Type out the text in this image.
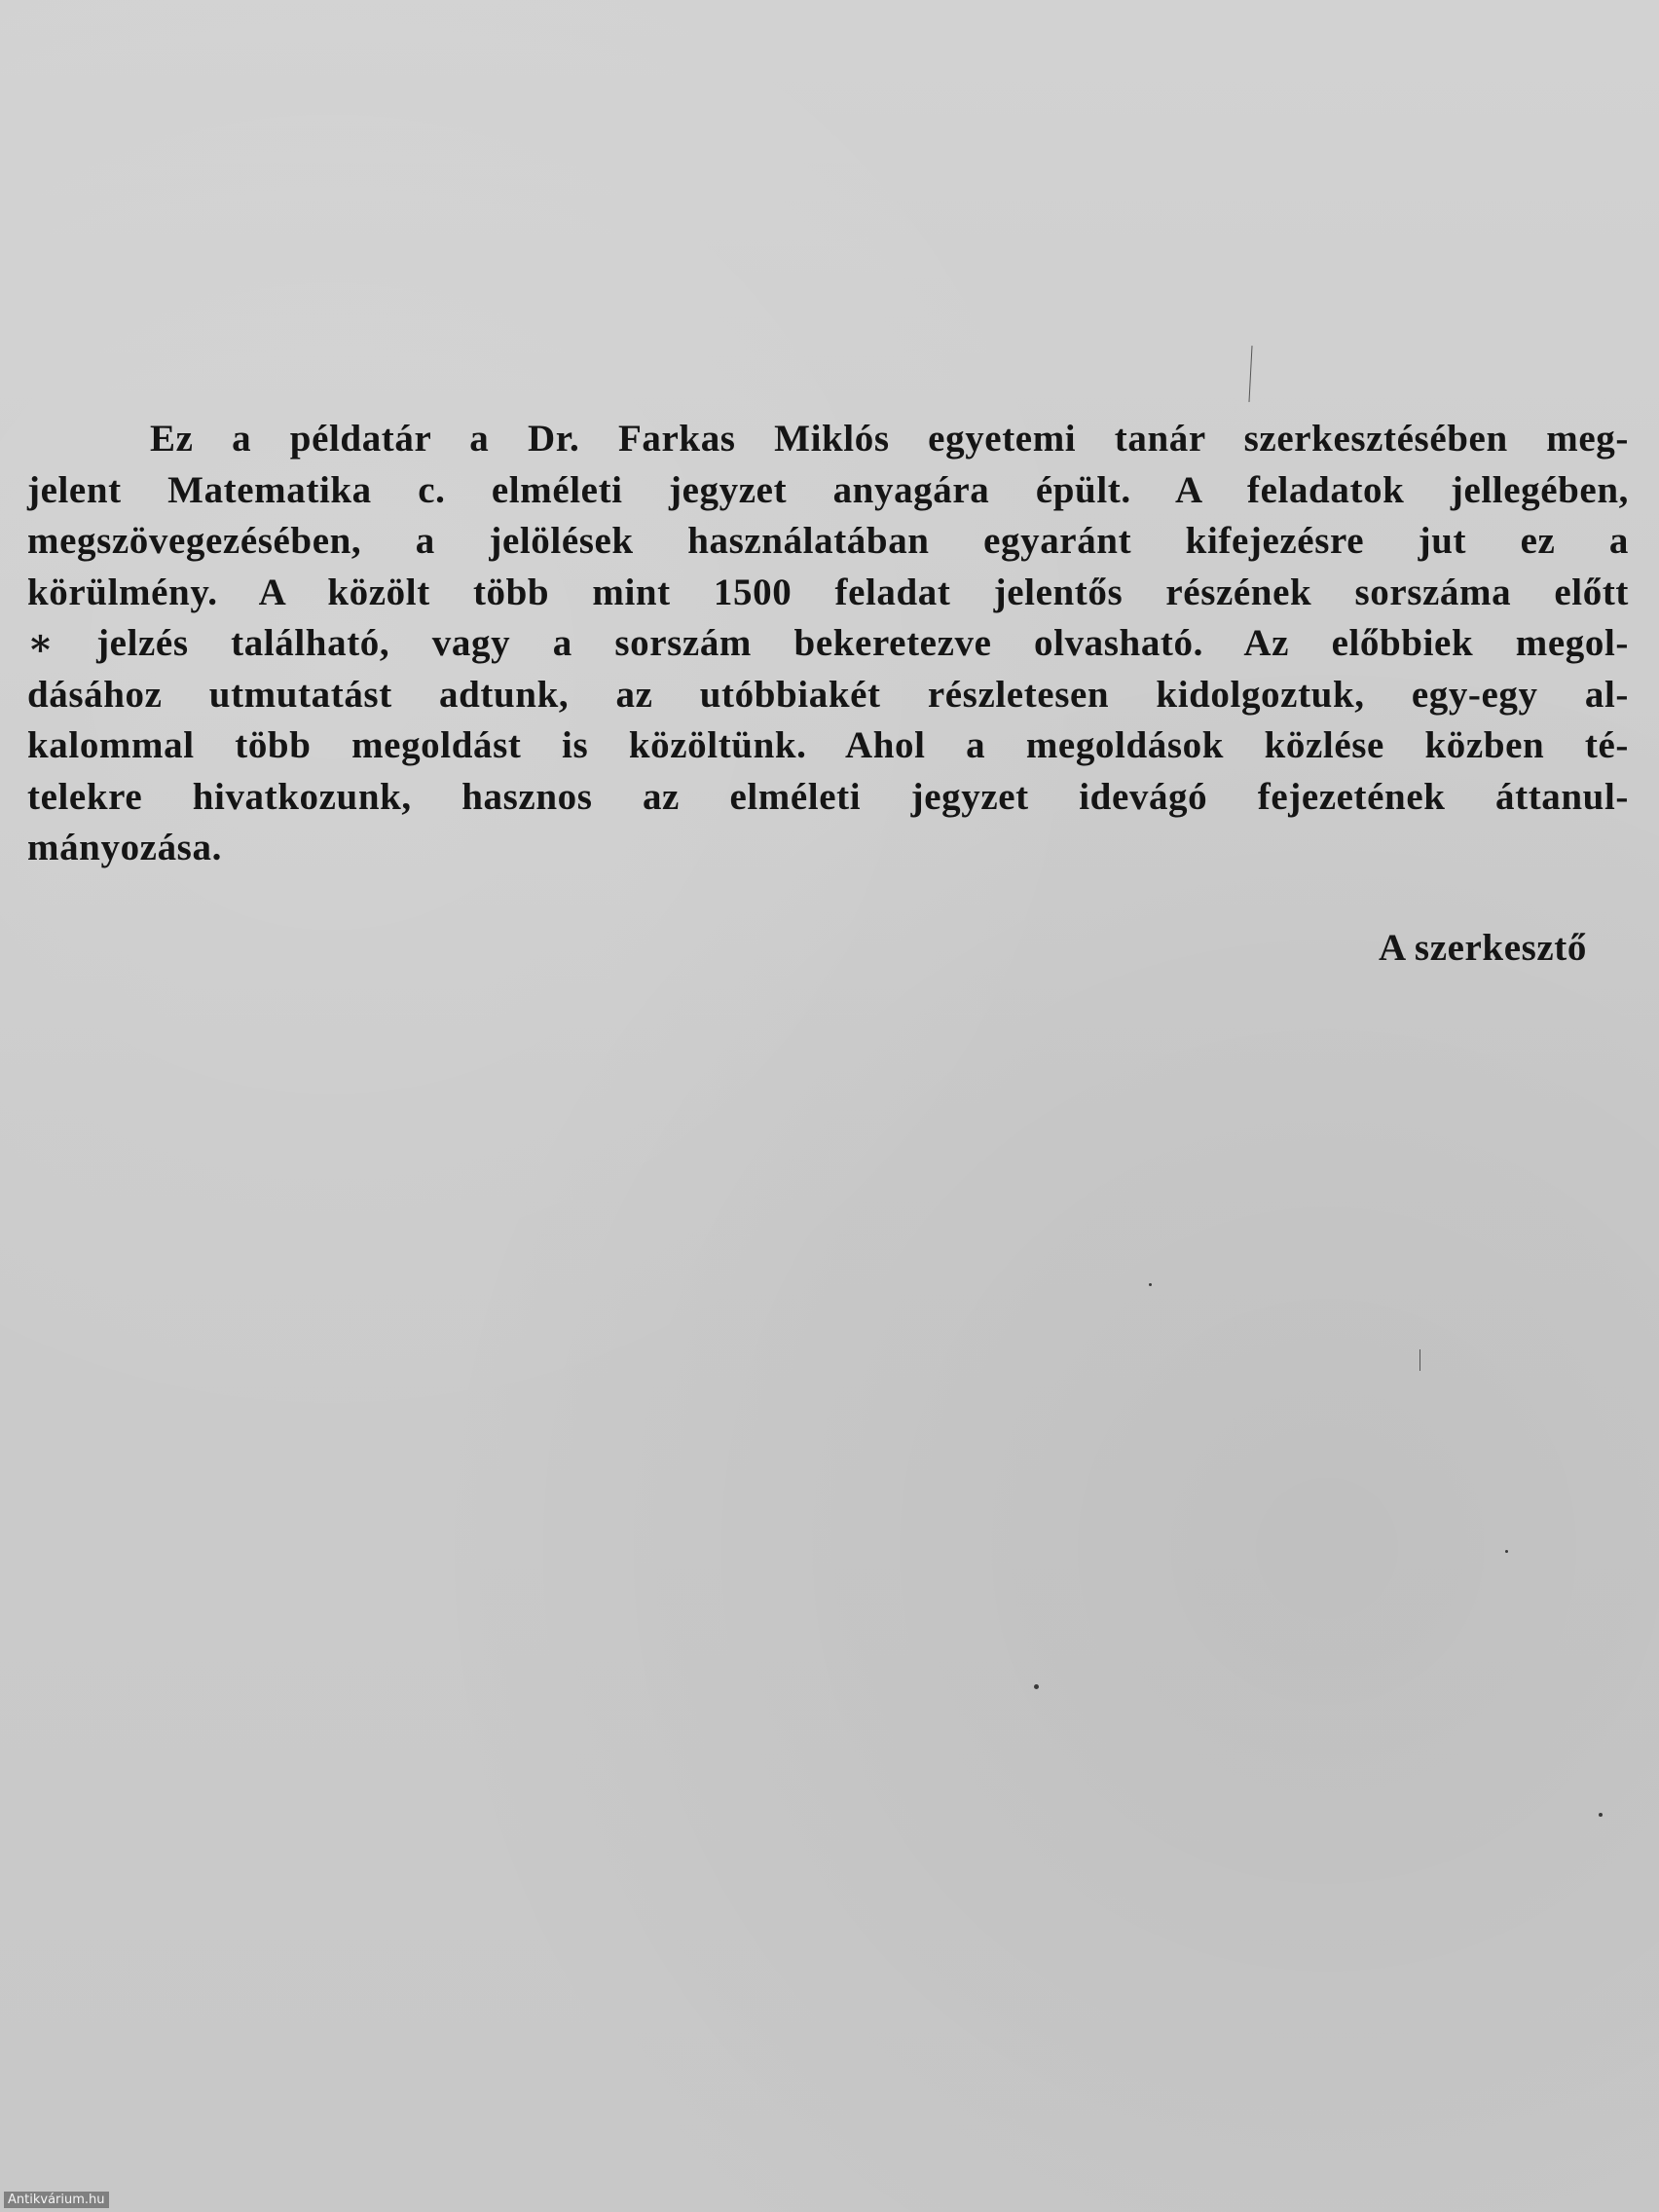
Ez a példatár a Dr. Farkas Miklós egyetemi tanár szerkesztésében meg-
jelent Matematika c. elméleti jegyzet anyagára épült. A feladatok jellegében,
megszövegezésében, a jelölések használatában egyaránt kifejezésre jut ez a
körülmény. A közölt több mint 1500 feladat jelentős részének sorszáma előtt
∗ jelzés található, vagy a sorszám bekeretezve olvasható. Az előbbiek megol-
dásához utmutatást adtunk, az utóbbiakét részletesen kidolgoztuk, egy-egy al-
kalommal több megoldást is közöltünk. Ahol a megoldások közlése közben té-
telekre hivatkozunk, hasznos az elméleti jegyzet idevágó fejezetének áttanul-
mányozása.
A szerkesztő
Antikvárium.hu
